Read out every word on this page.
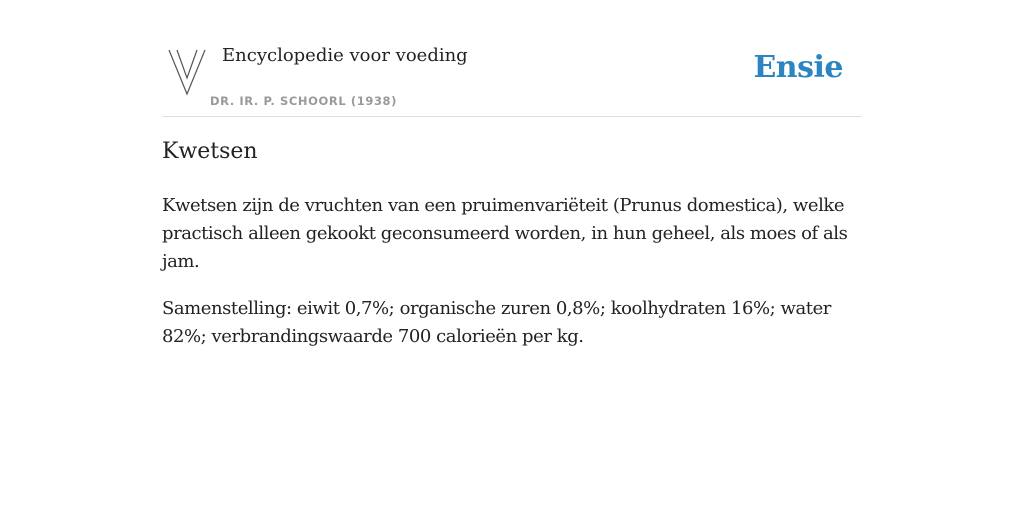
Encyclopedie voor voeding
DR. IR. P. SCHOORL (1938)
Ensie
Kwetsen

Kwetsen zijn de vruchten van een pruimenvariëteit (Prunus domestica), welke practisch alleen gekookt geconsumeerd worden, in hun geheel, als moes of als jam.

Samenstelling: eiwit 0,7%; organische zuren 0,8%; koolhydraten 16%; water 82%; verbrandingswaarde 700 calorieën per kg.
